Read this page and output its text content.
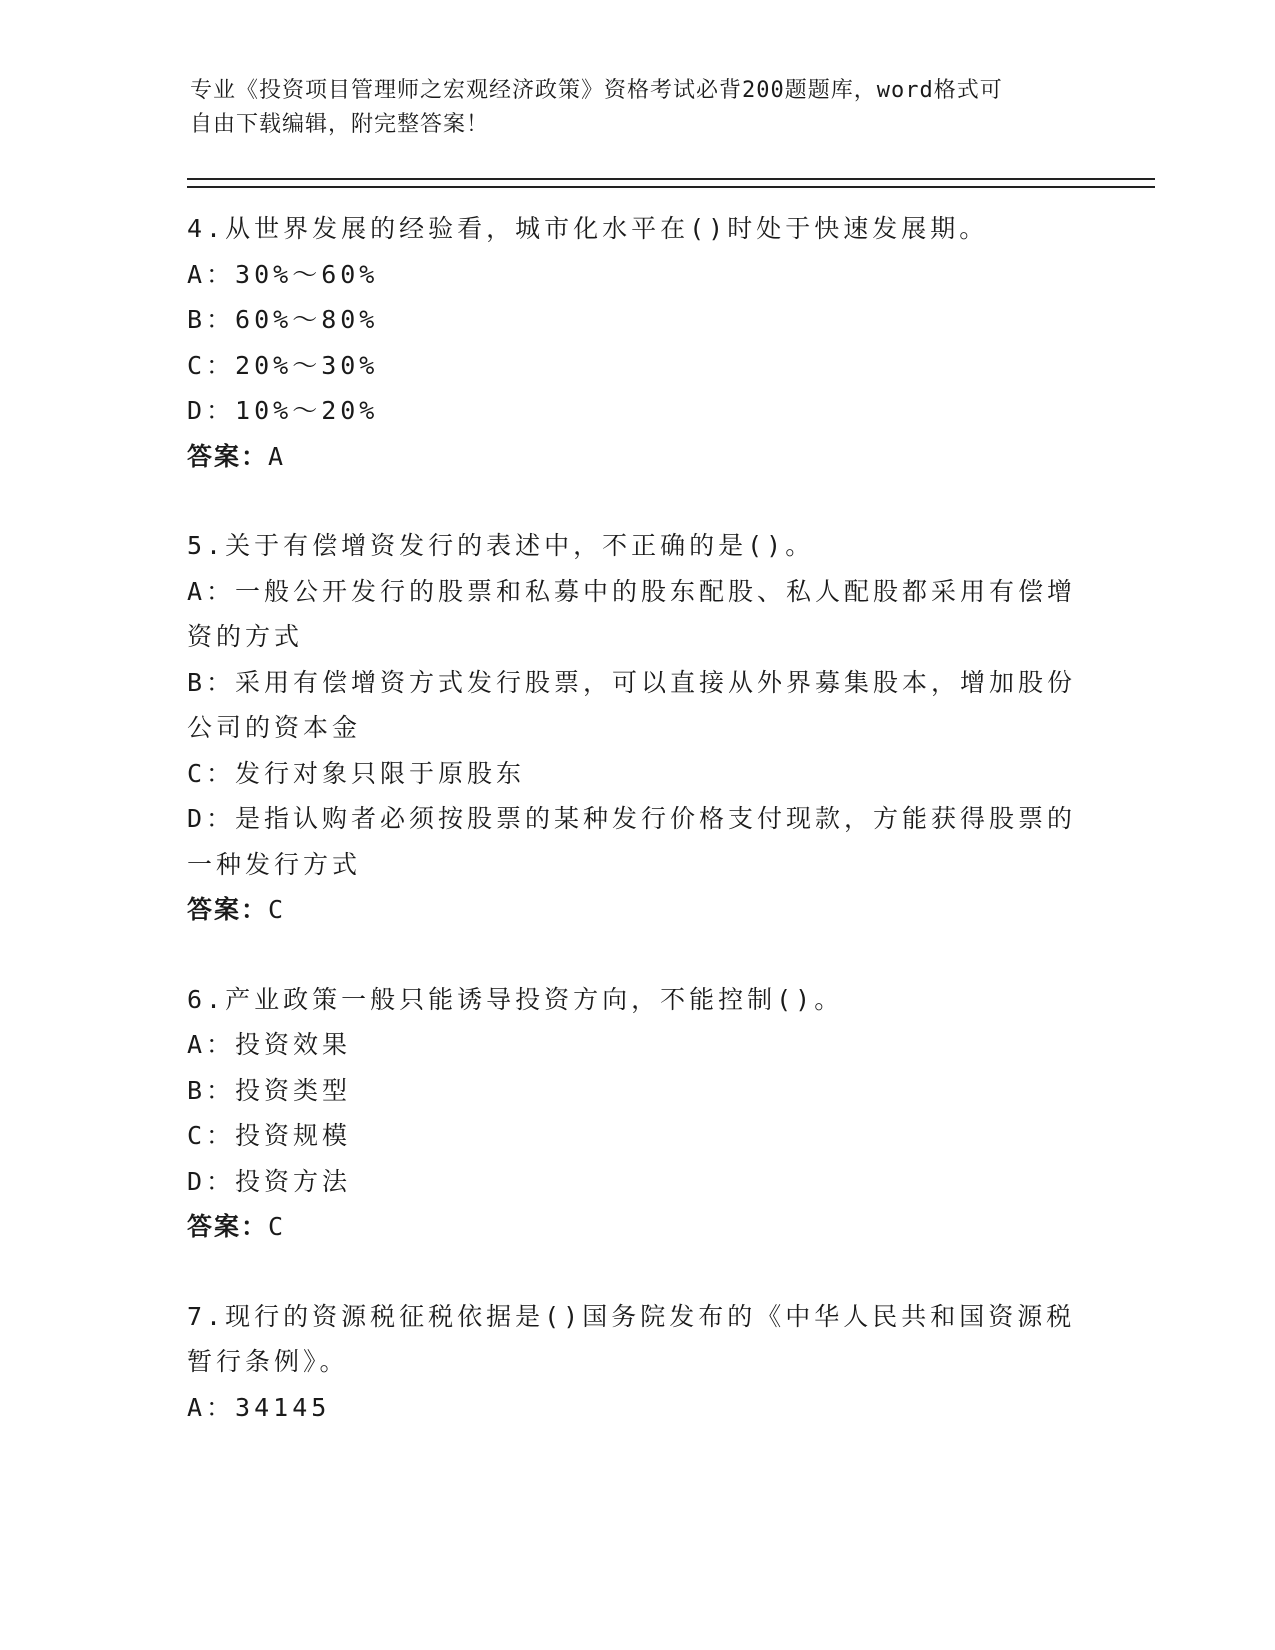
专业《投资项目管理师之宏观经济政策》资格考试必背200题题库，word格式可
自由下载编辑，附完整答案！
4.从世界发展的经验看，城市化水平在()时处于快速发展期。
A：30%～60%
B：60%～80%
C：20%～30%
D：10%～20%
答案：A
5.关于有偿增资发行的表述中，不正确的是()。
A：一般公开发行的股票和私募中的股东配股、私人配股都采用有偿增
资的方式
B：采用有偿增资方式发行股票，可以直接从外界募集股本，增加股份
公司的资本金
C：发行对象只限于原股东
D：是指认购者必须按股票的某种发行价格支付现款，方能获得股票的
一种发行方式
答案：C
6.产业政策一般只能诱导投资方向，不能控制()。
A：投资效果
B：投资类型
C：投资规模
D：投资方法
答案：C
7.现行的资源税征税依据是()国务院发布的《中华人民共和国资源税
暂行条例》。
A：34145
